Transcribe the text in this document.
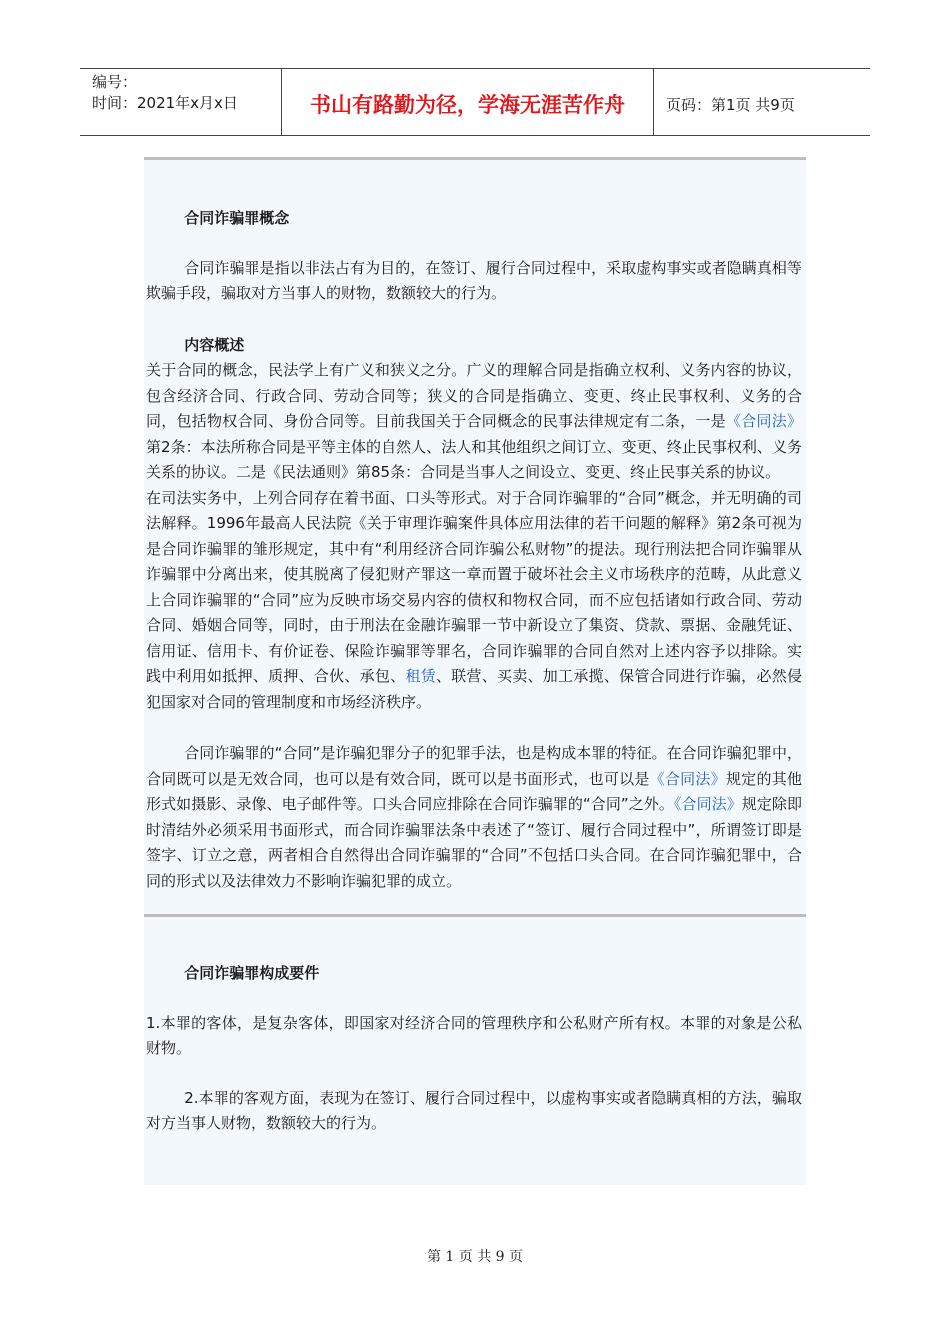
编号：
时间：2021年x月x日	书山有路勤为径，学海无涯苦作舟	页码：第1页 共9页

合同诈骗罪概念

合同诈骗罪是指以非法占有为目的，在签订、履行合同过程中，采取虚构事实或者隐瞒真相等欺骗手段，骗取对方当事人的财物，数额较大的行为。

内容概述

关于合同的概念，民法学上有广义和狭义之分。广义的理解合同是指确立权利、义务内容的协议，包含经济合同、行政合同、劳动合同等；狭义的合同是指确立、变更、终止民事权利、义务的合同，包括物权合同、身份合同等。目前我国关于合同概念的民事法律规定有二条，一是《合同法》第2条：本法所称合同是平等主体的自然人、法人和其他组织之间订立、变更、终止民事权利、义务关系的协议。二是《民法通则》第85条：合同是当事人之间设立、变更、终止民事关系的协议。

在司法实务中，上列合同存在着书面、口头等形式。对于合同诈骗罪的“合同”概念，并无明确的司法解释。1996年最高人民法院《关于审理诈骗案件具体应用法律的若干问题的解释》第2条可视为是合同诈骗罪的雏形规定，其中有“利用经济合同诈骗公私财物”的提法。现行刑法把合同诈骗罪从诈骗罪中分离出来，使其脱离了侵犯财产罪这一章而置于破坏社会主义市场秩序的范畴，从此意义上合同诈骗罪的“合同”应为反映市场交易内容的债权和物权合同，而不应包括诸如行政合同、劳动合同、婚姻合同等，同时，由于刑法在金融诈骗罪一节中新设立了集资、贷款、票据、金融凭证、信用证、信用卡、有价证卷、保险诈骗罪等罪名，合同诈骗罪的合同自然对上述内容予以排除。实践中利用如抵押、质押、合伙、承包、租赁、联营、买卖、加工承揽、保管合同进行诈骗，必然侵犯国家对合同的管理制度和市场经济秩序。

合同诈骗罪的“合同”是诈骗犯罪分子的犯罪手法，也是构成本罪的特征。在合同诈骗犯罪中，合同既可以是无效合同，也可以是有效合同，既可以是书面形式，也可以是《合同法》规定的其他形式如摄影、录像、电子邮件等。口头合同应排除在合同诈骗罪的“合同”之外。《合同法》规定除即时清结外必须采用书面形式，而合同诈骗罪法条中表述了“签订、履行合同过程中”，所谓签订即是签字、订立之意，两者相合自然得出合同诈骗罪的“合同”不包括口头合同。在合同诈骗犯罪中，合同的形式以及法律效力不影响诈骗犯罪的成立。

合同诈骗罪构成要件

1.本罪的客体，是复杂客体，即国家对经济合同的管理秩序和公私财产所有权。本罪的对象是公私财物。

2.本罪的客观方面，表现为在签订、履行合同过程中，以虚构事实或者隐瞒真相的方法，骗取对方当事人财物，数额较大的行为。

第 1 页 共 9 页
